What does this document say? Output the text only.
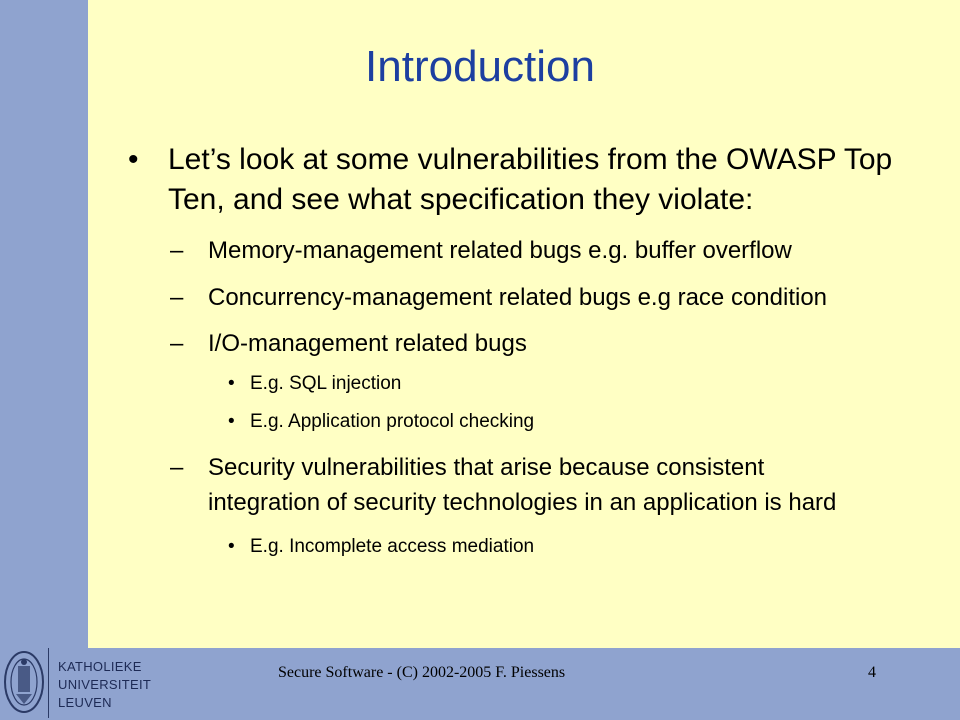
Introduction
• Let’s look at some vulnerabilities from the OWASP Top
Ten, and see what specification they violate:
– Memory-management related bugs e.g. buffer overflow
– Concurrency-management related bugs e.g race condition
– I/O-management related bugs
• E.g. SQL injection
• E.g. Application protocol checking
– Security vulnerabilities that arise because consistent
integration of security technologies in an application is hard
• E.g. Incomplete access mediation
KATHOLIEKE
UNIVERSITEIT
LEUVEN
Secure Software - (C) 2002-2005 F. Piessens	4
